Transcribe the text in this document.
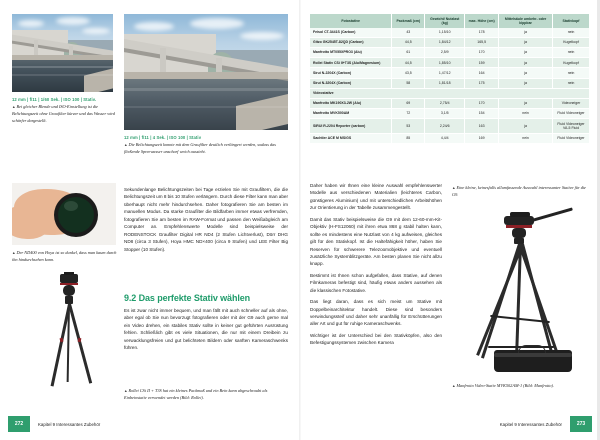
12 mm | f/11 | 1/60 Sek. | ISO 100 | Stativ.
▲ Bei gleicher Blende und ISO-Einstellung ist die Belichtungszeit ohne Graufilter kürzer und das Wasser wird schärfer dargestellt.
12 mm | f/11 | 4 Sek. | ISO 100 | Stativ
▲ Die Belichtungszeit konnte mit dem Graufilter deutlich verlängert werden, sodass das fließende Spreewasser unscharf weich aussieht.

Sekundenlange Belichtungszeiten bei Tage erzielen Sie mit Graufiltern, die die Belichtungszeit um 8 bis 10 Stufen verlängern. Durch diese Filter kann man aber überhaupt nicht mehr hindurchsehen. Daher fotografieren Sie am besten im manuellen Modus. Da starke Graufilter die Bildfarben immer etwas verfremden, fotografieren Sie am besten im RAW-Format und passen den Weißabgleich am Computer an. Empfehlenswerte Modelle sind beispielsweise der RODENSTOCK Graufilter Digital HR ND4 (2 Stufen Lichtverlust), Dörr DHG ND8 (circa 3 Stufen), Hoya HMC ND×400 (circa 9 Stufen) und LEE Filter Big Stopper (10 Stufen).

▲ Der ND400 von Hoya ist so dunkel, dass man kaum durch ihn hindurchsehen kann.
9.2 Das perfekte Stativ wählen

Es ist zwar nicht immer bequem, und man fällt mit auch schneller auf als ohne, aber egal ob Sie nun bevorzugt fotografieren oder mit der G9 auch gerne mal ein Video drehen, ein stabiles Stativ sollte in keiner gut geführten Ausrüstung fehlen. Schließlich gibt es viele Situationen, die nur mit einem Dreibein zu verwacklungsfreien und gut belichteten Bildern oder sanften Kameraschwenks führen.

▲ Rollei CSi II + T3S hat ein kleines Packmaß und ein Bein kann abgeschraubt als Einbeinstativ verwendet werden (Bild: Rollei).
272	Kapitel 9 Interessantes Zubehör
Fotostative	Packmaß (cm)	Gewicht/ Nutzlast (kg)	max. Höhe (cm)	Mittelsäule umkehr- oder kippbar	Stativkopf
Feisol CT-3441S (Carbon)	43	1,15/10	178	ja	nein
Gitzo GK2545T-82QD (Carbon)	44,5	1,84/12	165,5	ja	Kugelkopf
Manfrotto MT055XPRO3 (Alu)	61	2,5/9	170	ja	nein
Rollei Stativ CSi II+T3S (Alu/Magnesium)	44,5	1,85/10	159	ja	Kugelkopf
Sirui N-2204X (Carbon)	43,5	1,47/12	164	ja	nein
Sirui N-3204X (Carbon)	58	1,81/18	175	ja	nein
Videostative					
Manfrotto MK190X3-2W (Alu)	69	2,75/4	170	ja	Videoneiger
Manfrotto MVK500AM	72	3,1/5	154	nein	Fluid Videoneiger
SIRUI R-2204 Reporter (carbon)	53	2,24/6	163	ja	Fluid Videoneiger VA-5 Fluid
Sachtler ACE M MS/GS	85	4,4/4	169	nein	Fluid Videoneiger

Daher haben wir Ihnen eine kleine Auswahl empfehlenswerter Modelle aus verschiedenen Materialien (leichteres Carbon, günstigeres Aluminium) und mit unterschiedlichen Arbeitshöhen zur Orientierung in der Tabelle zusammengestellt.

Damit das Stativ beispielsweise die G9 mit dem 12-60-mm-Kit-Objektiv (H-FS12060) mit ihren etwa 868 g stabil halten kann, sollte es mindestens eine Nutzlast von 4 kg aufweisen, gleiches gilt für den Stativkopf. Ist die Haltefähigkeit höher, haben Sie Reserven für schwerere Telezoomobjektive und eventuell zusätzliche Systemblitzgeräte. Am besten planen Sie nicht allzu knapp.

Bestimmt ist Ihnen schon aufgefallen, dass Stative, auf denen Filmkameras befestigt sind, häufig etwas anders aussehen als die klassischen Fotostative.

Das liegt daran, dass es sich meist um Stative mit Doppelbeinarchitektur handelt. Diese sind besonders verwindungssteif und daher sehr unanfällig für Erschütterungen aller Art und gut für ruhige Kameraschwenks.

Wichtiger ist der Unterschied bei den Stativköpfen, also den Befestigungssystemen zwischen Kamera

▲ Eine kleine, keinesfalls allumfassende Auswahl interessanter Stative für die G9.
▲ Manfrotto Video-Stativ MVK502AM-1 (Bild: Manfrotto).
273
Kapitel 9 Interessantes Zubehör
